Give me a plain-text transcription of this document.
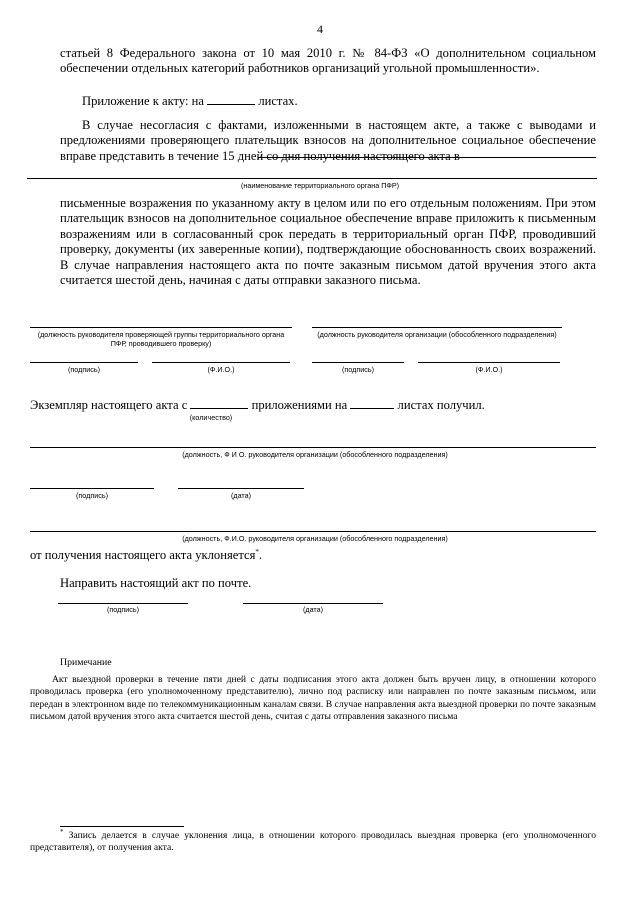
4
статьей 8 Федерального закона от 10 мая 2010 г. № 84-ФЗ «О дополнительном социальном обеспечении отдельных категорий работников организаций угольной промышленности».
Приложение к акту: на	листах.
В случае несогласия с фактами, изложенными в настоящем акте, а также с выводами и предложениями проверяющего плательщик взносов на дополнительное социальное обеспечение вправе представить в течение 15 дней со дня получения настоящего акта в
(наименование территориального органа ПФР)
письменные возражения по указанному акту в целом или по его отдельным положениям. При этом плательщик взносов на дополнительное социальное обеспечение вправе приложить к письменным возражениям или в согласованный срок передать в территориальный орган ПФР, проводивший проверку, документы (их заверенные копии), подтверждающие обоснованность своих возражений. В случае направления настоящего акта по почте заказным письмом датой вручения этого акта считается шестой день, начиная с даты отправки заказного письма.
(должность руководителя проверяющей группы территориального органа ПФР, проводившего проверку)
(должность руководителя организации (обособленного подразделения)
(подпись)	(Ф.И.О.)	(подпись)	(Ф.И.О.)
Экземпляр настоящего акта с	приложениями на	листах получил.
(количество)
(должность, Ф И О. руководителя организации (обособленного подразделения)
(подпись)	(дата)
(должность, Ф.И.О. руководителя организации (обособленного подразделения)
от получения настоящего акта уклоняется*.
Направить настоящий акт по почте.
(подпись)	(дата)
Примечание
Акт выездной проверки в течение пяти дней с даты подписания этого акта должен быть вручен лицу, в отношении которого проводилась проверка (его уполномоченному представителю), лично под расписку или направлен по почте заказным письмом, или передан в электронном виде по телекоммуникационным каналам связи. В случае направления акта выездной проверки по почте заказным письмом датой вручения этого акта считается шестой день, считая с даты отправления заказного письма
* Запись делается в случае уклонения лица, в отношении которого проводилась выездная проверка (его уполномоченного представителя), от получения акта.
